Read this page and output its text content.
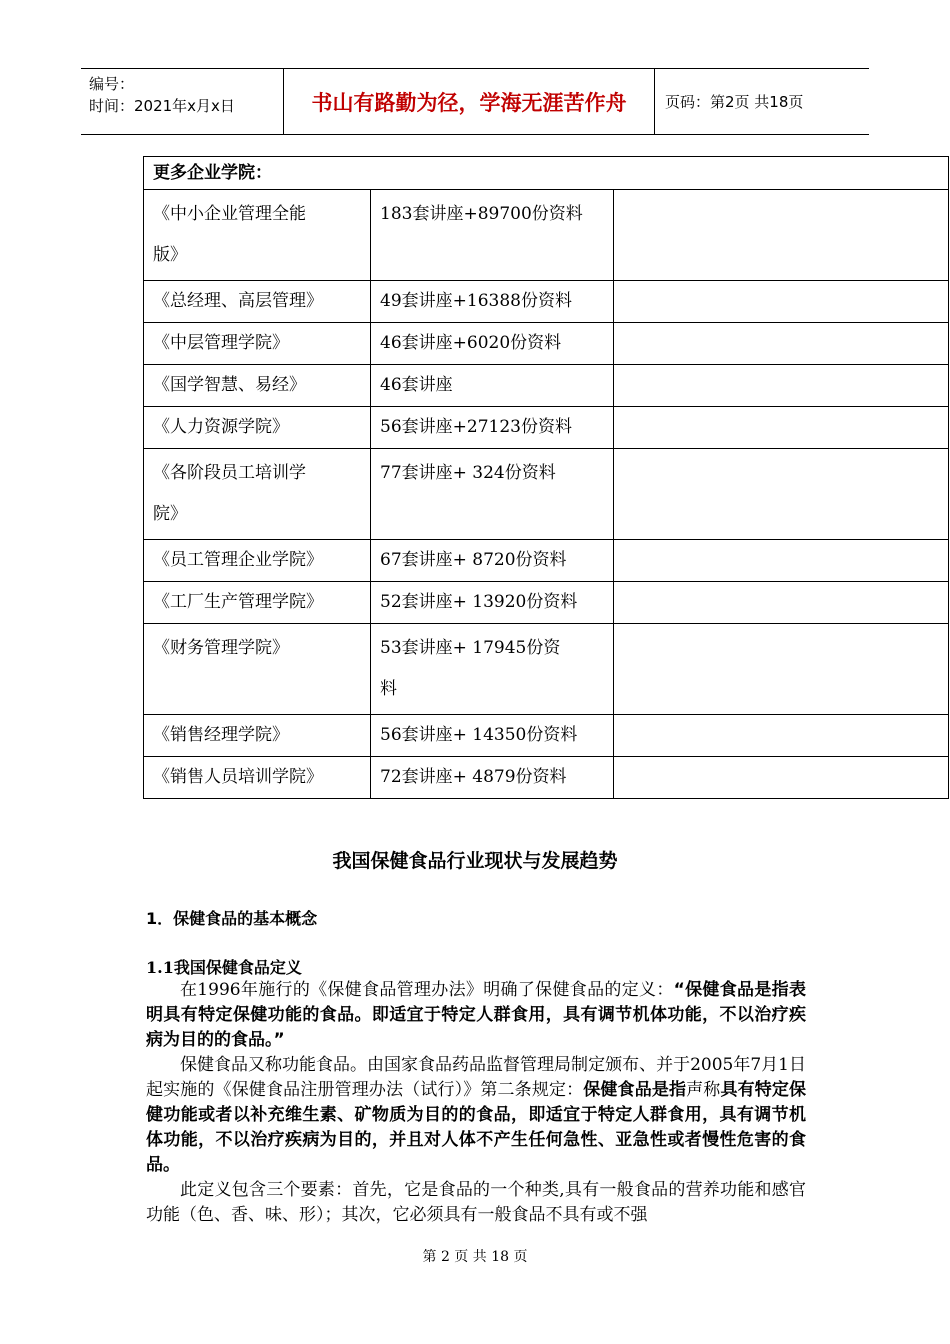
编号：
时间：2021年x月x日	书山有路勤为径，学海无涯苦作舟	页码：第2页 共18页
更多企业学院：		

《中小企业管理全能
版》	183套讲座+89700份资料	

《总经理、高层管理》	49套讲座+16388份资料	

《中层管理学院》	46套讲座+6020份资料	

《国学智慧、易经》	46套讲座	

《人力资源学院》	56套讲座+27123份资料	

《各阶段员工培训学
院》	77套讲座+ 324份资料	

《员工管理企业学院》	67套讲座+ 8720份资料	

《工厂生产管理学院》	52套讲座+ 13920份资料	

《财务管理学院》	53套讲座+ 17945份资
料	

《销售经理学院》	56套讲座+ 14350份资料	

《销售人员培训学院》	72套讲座+ 4879份资料	

我国保健食品行业现状与发展趋势
1．保健食品的基本概念
1.1我国保健食品定义

在1996年施行的《保健食品管理办法》明确了保健食品的定义：“保健食品是指表明具有特定保健功能的食品。即适宜于特定人群食用，具有调节机体功能，不以治疗疾病为目的的食品。”

保健食品又称功能食品。由国家食品药品监督管理局制定颁布、并于2005年7月1日起实施的《保健食品注册管理办法（试行）》第二条规定：保健食品是指声称具有特定保健功能或者以补充维生素、矿物质为目的的食品，即适宜于特定人群食用，具有调节机体功能，不以治疗疾病为目的，并且对人体不产生任何急性、亚急性或者慢性危害的食品。

此定义包含三个要素：首先，它是食品的一个种类,具有一般食品的营养功能和感官功能（色、香、味、形）；其次，它必须具有一般食品不具有或不强

第 2 页 共 18 页
